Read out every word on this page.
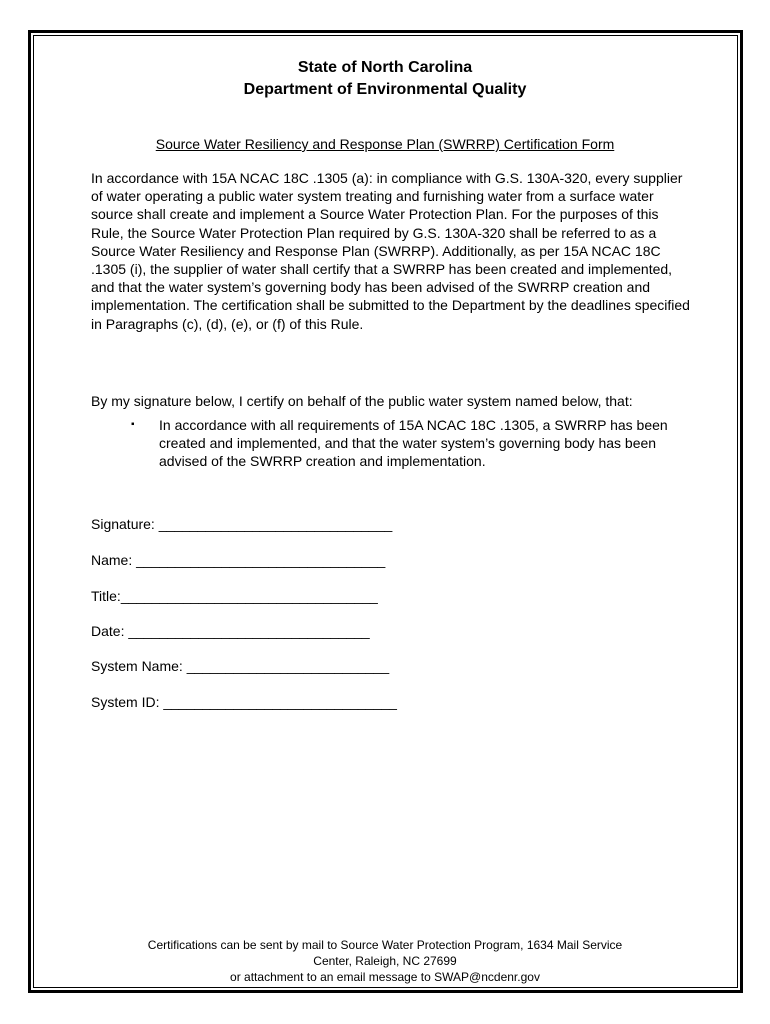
State of North Carolina
Department of Environmental Quality
Source Water Resiliency and Response Plan (SWRRP) Certification Form

In accordance with 15A NCAC 18C .1305 (a): in compliance with G.S. 130A-320, every supplier of water operating a public water system treating and furnishing water from a surface water source shall create and implement a Source Water Protection Plan. For the purposes of this Rule, the Source Water Protection Plan required by G.S. 130A-320 shall be referred to as a Source Water Resiliency and Response Plan (SWRRP). Additionally, as per 15A NCAC 18C .1305 (i), the supplier of water shall certify that a SWRRP has been created and implemented, and that the water system’s governing body has been advised of the SWRRP creation and implementation. The certification shall be submitted to the Department by the deadlines specified in Paragraphs (c), (d), (e), or (f) of this Rule.

By my signature below, I certify on behalf of the public water system named below, that:

▪	In accordance with all requirements of 15A NCAC 18C .1305, a SWRRP has been created and implemented, and that the water system’s governing body has been advised of the SWRRP creation and implementation.
Signature: ______________________________
Name: ________________________________
Title:_________________________________
Date: _______________________________
System Name: __________________________
System ID: ______________________________
Certifications can be sent by mail to Source Water Protection Program, 1634 Mail Service
Center, Raleigh, NC 27699
or attachment to an email message to SWAP@ncdenr.gov
